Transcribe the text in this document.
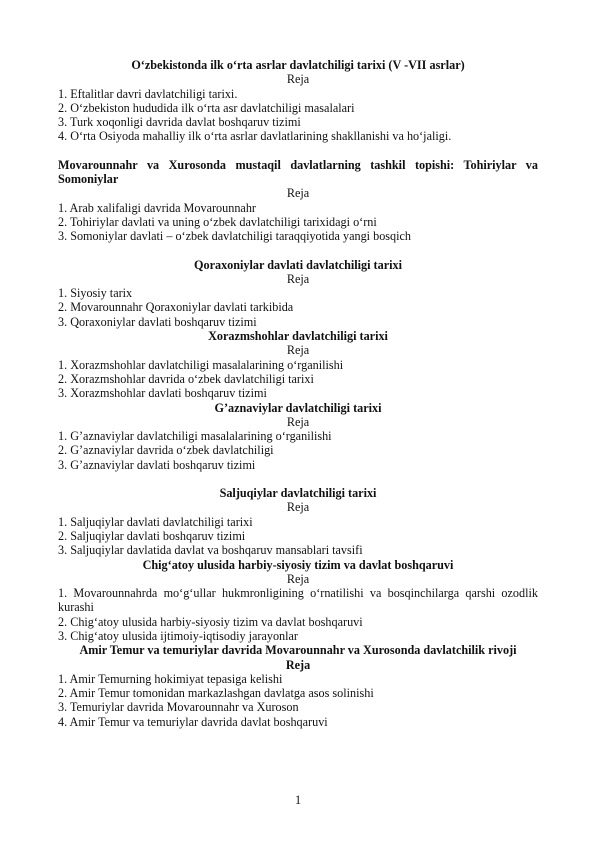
O‘zbekistonda ilk o‘rta asrlar davlatchiligi tarixi (V -VII asrlar)

Reja

1. Eftalitlar davri davlatchiligi tarixi.

2. O‘zbekiston hududida ilk o‘rta asr davlatchiligi masalalari

3. Turk xoqonligi davrida davlat boshqaruv tizimi

4. O‘rta Osiyoda mahalliy ilk o‘rta asrlar davlatlarining shakllanishi va ho‘jaligi.

Movarounnahr va Xurosonda mustaqil davlatlarning tashkil topishi: Tohiriylar va Somoniylar

Reja

1. Arab xalifaligi davrida Movarounnahr

2. Tohiriylar davlati va uning o‘zbek davlatchiligi tarixidagi o‘rni

3. Somoniylar davlati – o‘zbek davlatchiligi taraqqiyotida yangi bosqich

Qoraxoniylar davlati davlatchiligi tarixi

Reja

1. Siyosiy tarix

2. Movarounnahr Qoraxoniylar davlati tarkibida

3. Qoraxoniylar davlati boshqaruv tizimi

Xorazmshohlar davlatchiligi tarixi

Reja

1. Xorazmshohlar davlatchiligi masalalarining o‘rganilishi

2. Xorazmshohlar davrida o‘zbek davlatchiligi tarixi

3. Xorazmshohlar davlati boshqaruv tizimi

G’aznaviylar davlatchiligi tarixi

Reja

1. G’aznaviylar davlatchiligi masalalarining o‘rganilishi

2. G’aznaviylar davrida o‘zbek davlatchiligi

3. G’aznaviylar davlati boshqaruv tizimi

Saljuqiylar davlatchiligi tarixi

Reja

1. Saljuqiylar davlati davlatchiligi tarixi

2. Saljuqiylar davlati boshqaruv tizimi

3. Saljuqiylar davlatida davlat va boshqaruv mansablari tavsifi

Chig‘atoy ulusida harbiy-siyosiy tizim va davlat boshqaruvi

Reja

1. Movarounnahrda mo‘g‘ullar hukmronligining o‘rnatilishi va bosqinchilarga qarshi ozodlik kurashi

2. Chig‘atoy ulusida harbiy-siyosiy tizim va davlat boshqaruvi

3. Chig‘atoy ulusida ijtimoiy-iqtisodiy jarayonlar

Amir Temur va temuriylar davrida Movarounnahr va Xurosonda davlatchilik rivoji

Reja

1. Amir Temurning hokimiyat tepasiga kelishi

2. Amir Temur tomonidan markazlashgan davlatga asos solinishi

3. Temuriylar davrida Movarounnahr va Xuroson

4. Amir Temur va temuriylar davrida davlat boshqaruvi

1
